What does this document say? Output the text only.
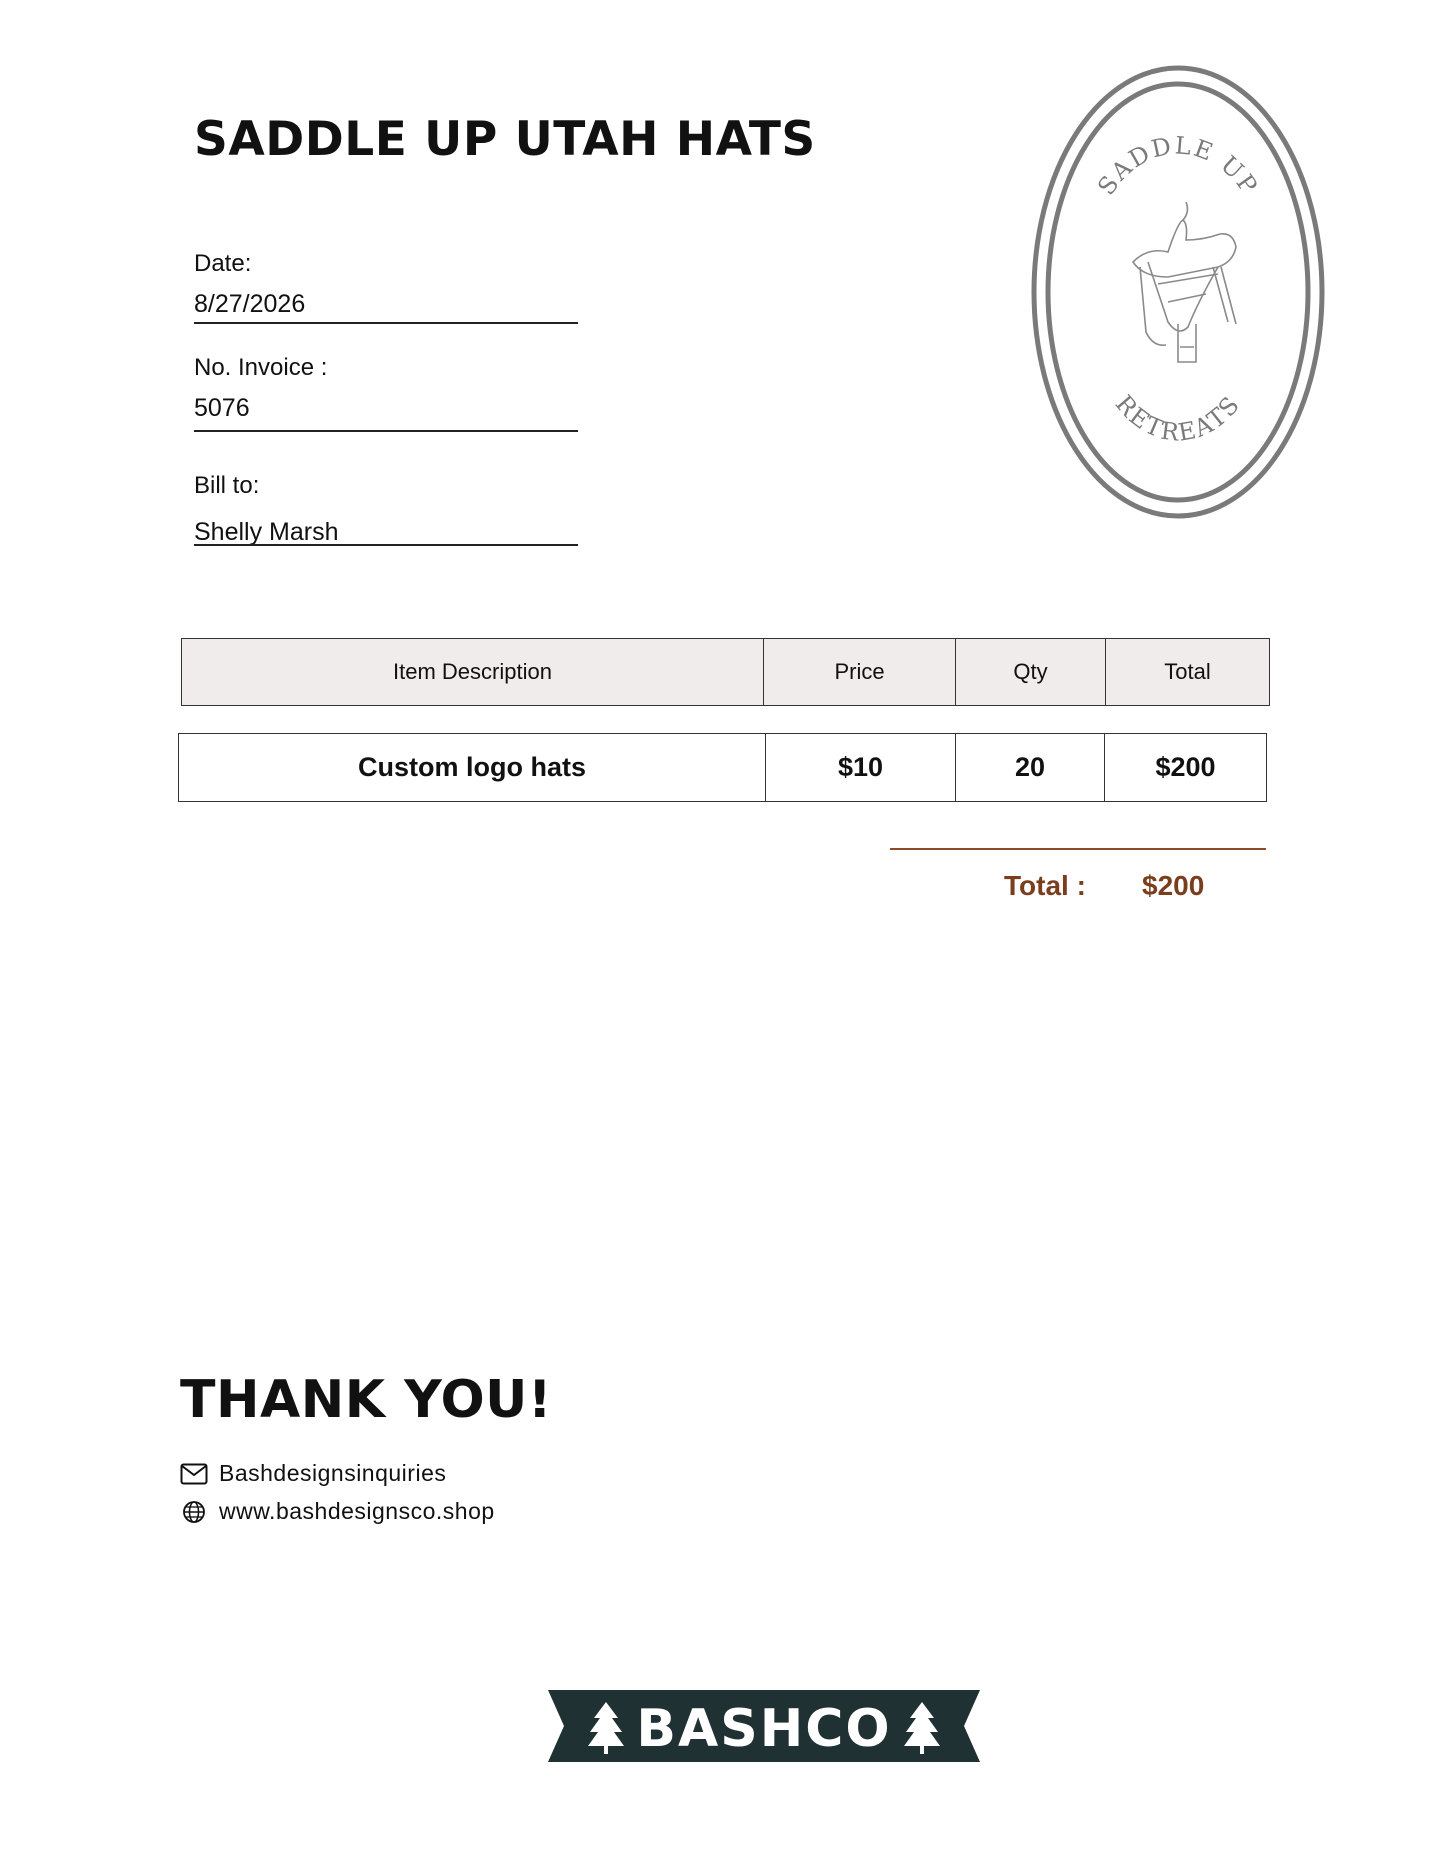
SADDLE UP UTAH HATS
Date:
8/27/2026
No. Invoice :
5076
Bill to:
Shelly Marsh
SADDLE UP
RETREATS
Item Description	Price	Qty	Total
Custom logo hats	$10	20	$200
Total : $200
THANK YOU!
Bashdesignsinquiries
www.bashdesignsco.shop
BASHCO
